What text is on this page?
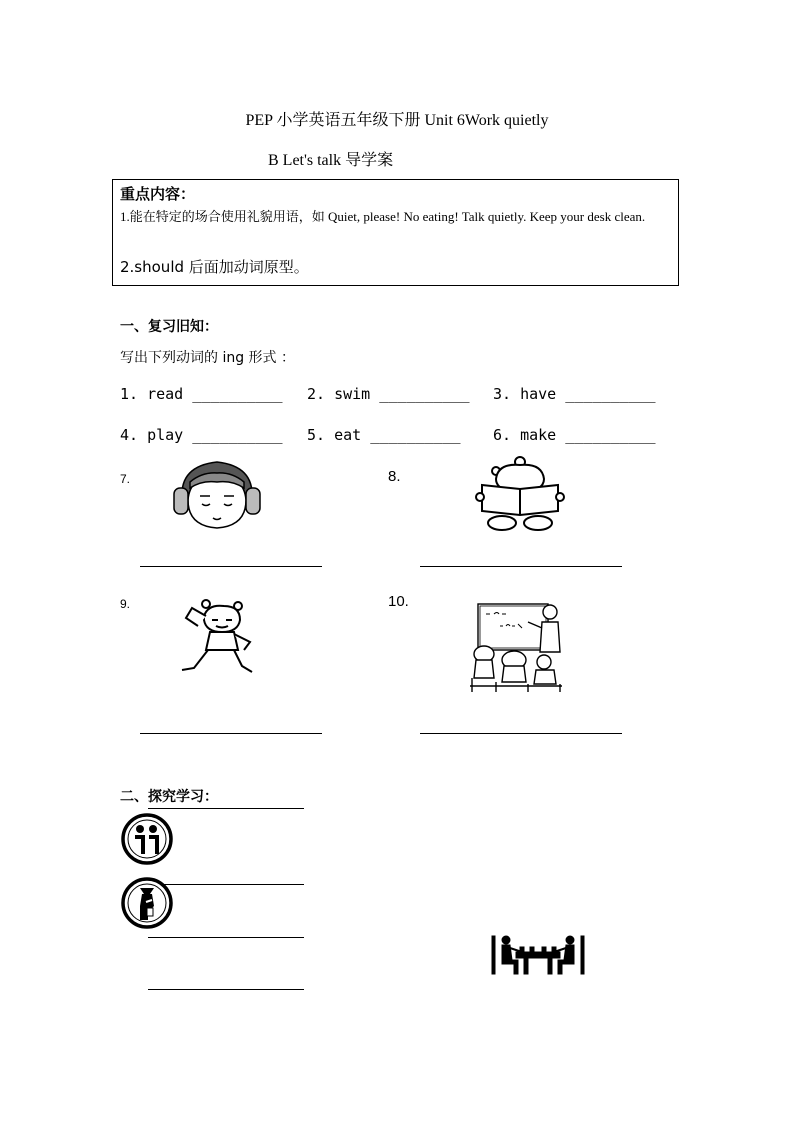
PEP 小学英语五年级下册 Unit 6Work quietly
B Let's talk 导学案
重点内容：
1.能在特定的场合使用礼貌用语，如 Quiet, please! No eating! Talk quietly. Keep your desk clean.
2.should 后面加动词原型。
一、复习旧知：
写出下列动词的 ing 形式 ：
1. read __________ 2. swim __________ 3. have __________
4. play __________ 5. eat __________ 6. make __________
7.	8.
9.	10.
二、探究学习：
